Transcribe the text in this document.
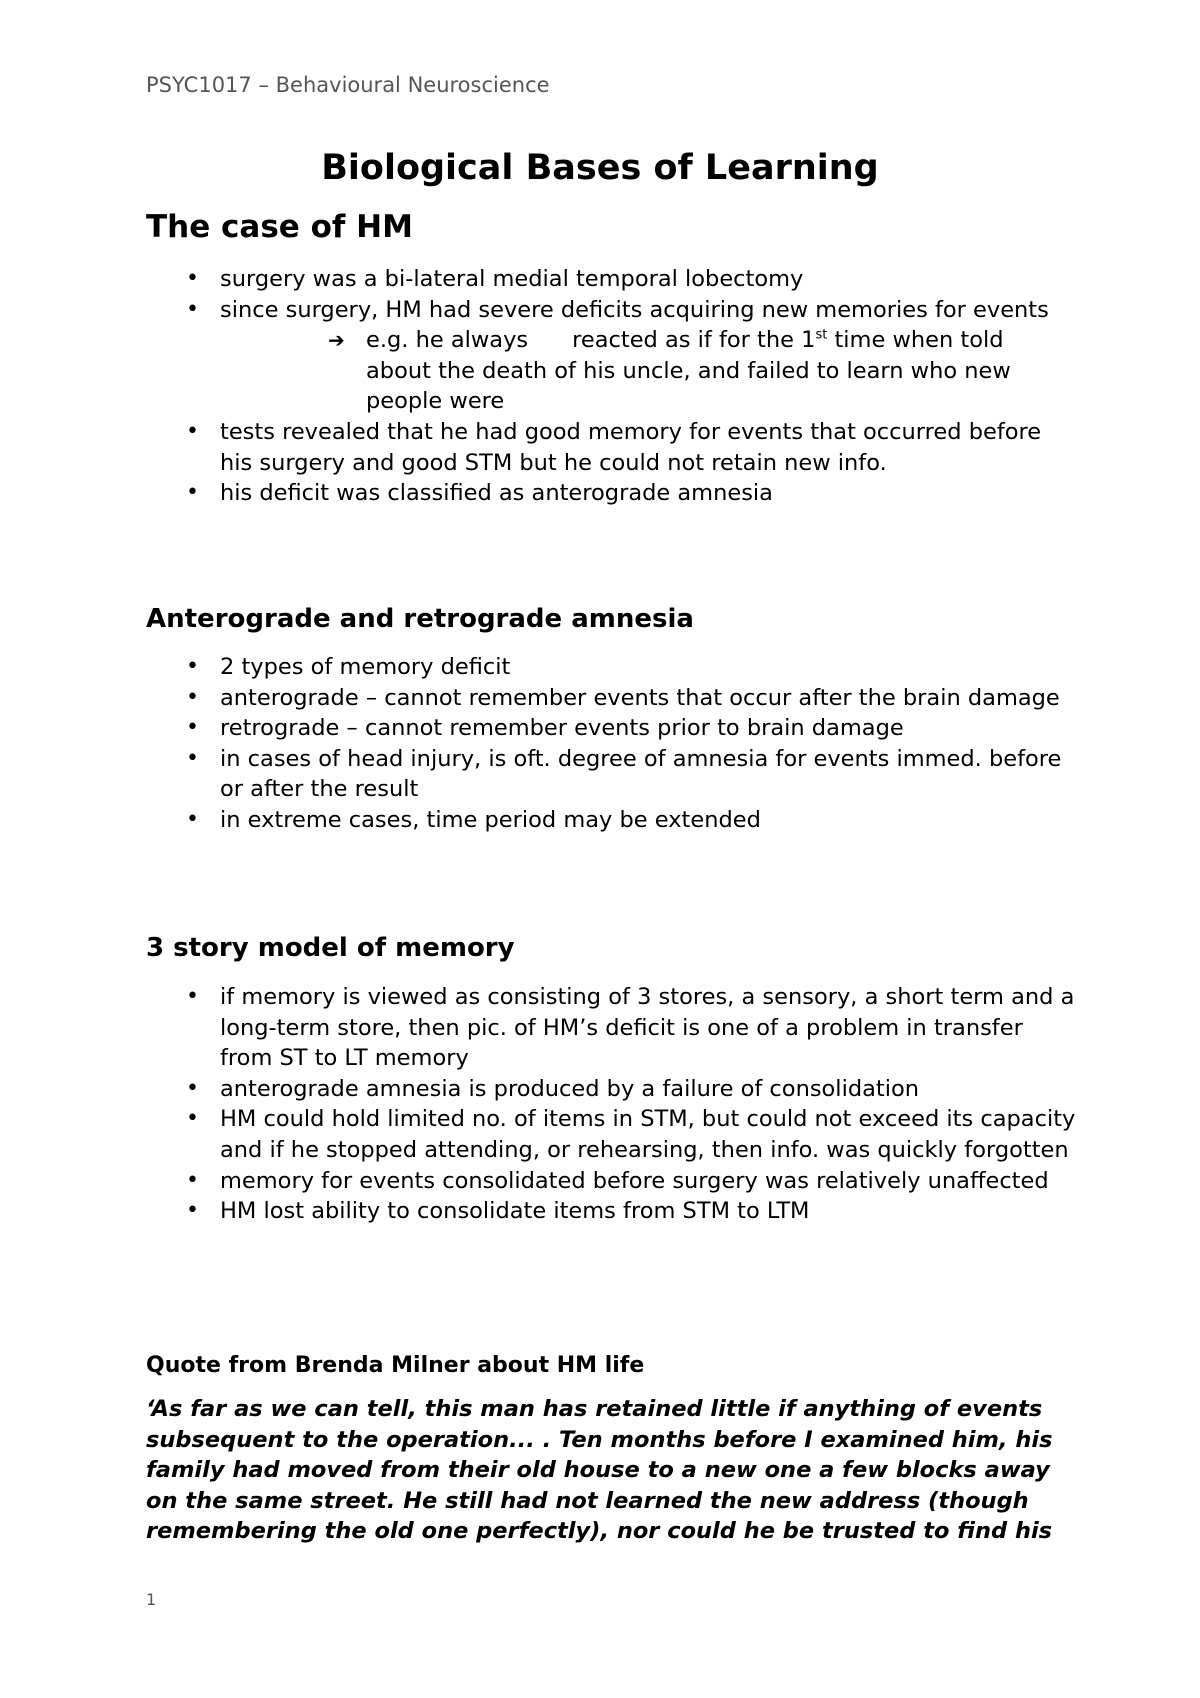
PSYC1017 – Behavioural Neuroscience
Biological Bases of Learning
The case of HM
• surgery was a bi-lateral medial temporal lobectomy
• since surgery, HM had severe deficits acquiring new memories for events
➔ e.g. he always reacted as if for the 1st time when told about the death of his uncle, and failed to learn who new people were
• tests revealed that he had good memory for events that occurred before his surgery and good STM but he could not retain new info.
• his deficit was classified as anterograde amnesia
Anterograde and retrograde amnesia
• 2 types of memory deficit
• anterograde – cannot remember events that occur after the brain damage
• retrograde – cannot remember events prior to brain damage
• in cases of head injury, is oft. degree of amnesia for events immed. before or after the result
• in extreme cases, time period may be extended
3 story model of memory
• if memory is viewed as consisting of 3 stores, a sensory, a short term and a long-term store, then pic. of HM’s deficit is one of a problem in transfer from ST to LT memory
• anterograde amnesia is produced by a failure of consolidation
• HM could hold limited no. of items in STM, but could not exceed its capacity and if he stopped attending, or rehearsing, then info. was quickly forgotten
• memory for events consolidated before surgery was relatively unaffected
• HM lost ability to consolidate items from STM to LTM
Quote from Brenda Milner about HM life
‘As far as we can tell, this man has retained little if anything of events subsequent to the operation... . Ten months before I examined him, his family had moved from their old house to a new one a few blocks away on the same street. He still had not learned the new address (though remembering the old one perfectly), nor could he be trusted to find his
1
